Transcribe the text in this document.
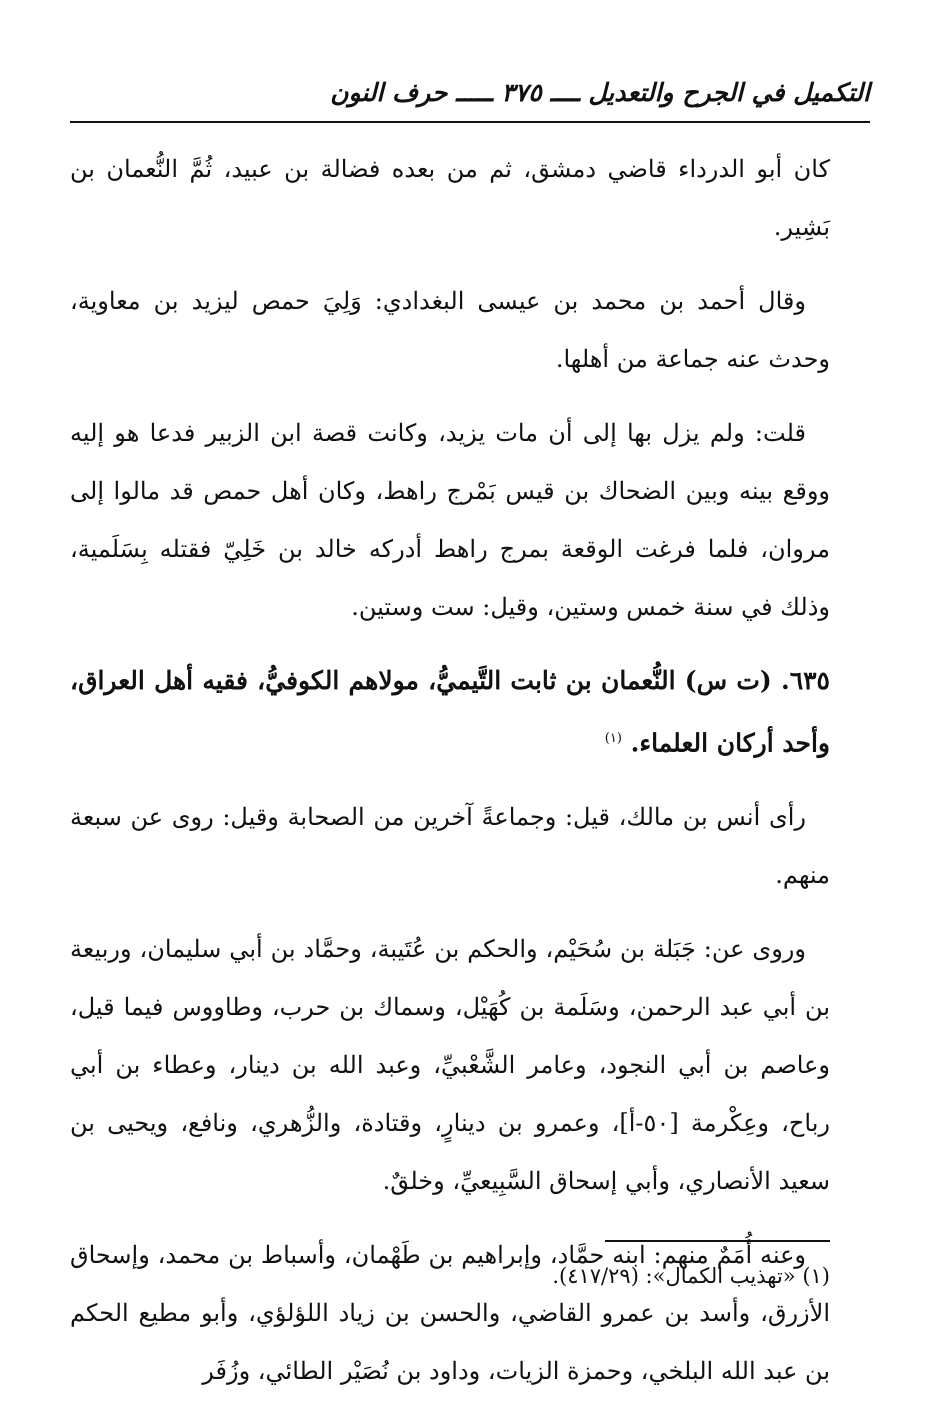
التكميل في الجرح والتعديل ــــ ٣٧٥ ـــــ حرف النون

كان أبو الدرداء قاضي دمشق، ثم من بعده فضالة بن عبيد، ثُمَّ النُّعمان بن بَشِير.

وقال أحمد بن محمد بن عيسى البغدادي: وَلِيَ حمص ليزيد بن معاوية، وحدث عنه جماعة من أهلها.

قلت: ولم يزل بها إلى أن مات يزيد، وكانت قصة ابن الزبير فدعا هو إليه ووقع بينه وبين الضحاك بن قيس بَمْرج راهط، وكان أهل حمص قد مالوا إلى مروان، فلما فرغت الوقعة بمرج راهط أدركه خالد بن خَلِيّ فقتله بِسَلَمية، وذلك في سنة خمس وستين، وقيل: ست وستين.

٦٣٥. (ت س) النُّعمان بن ثابت التَّيميُّ، مولاهم الكوفيُّ، فقيه أهل العراق، وأحد أركان العلماء. $^{(١)}$

رأى أنس بن مالك، قيل: وجماعةً آخرين من الصحابة وقيل: روى عن سبعة منهم.

وروى عن: جَبَلة بن سُحَيْم، والحكم بن عُتَيبة، وحمَّاد بن أبي سليمان، وربيعة بن أبي عبد الرحمن، وسَلَمة بن كُهَيْل، وسماك بن حرب، وطاووس فيما قيل، وعاصم بن أبي النجود، وعامر الشَّعْبيِّ، وعبد الله بن دينار، وعطاء بن أبي رباح، وعِكْرمة [٥٠-أ]، وعمرو بن دينارٍ، وقتادة، والزُّهري، ونافع، ويحيى بن سعيد الأنصاري، وأبي إسحاق السَّبِيعيِّ، وخلقٌ.

وعنه أُمَمٌ منهم: ابنه حمَّاد، وإبراهيم بن طَهْمان، وأسباط بن محمد، وإسحاق الأزرق، وأسد بن عمرو القاضي، والحسن بن زياد اللؤلؤي، وأبو مطيع الحكم بن عبد الله البلخي، وحمزة الزيات، وداود بن نُصَيْر الطائي، وزُفَر

(١) «تهذيب الكمال»: (٤١٧/٢٩).
